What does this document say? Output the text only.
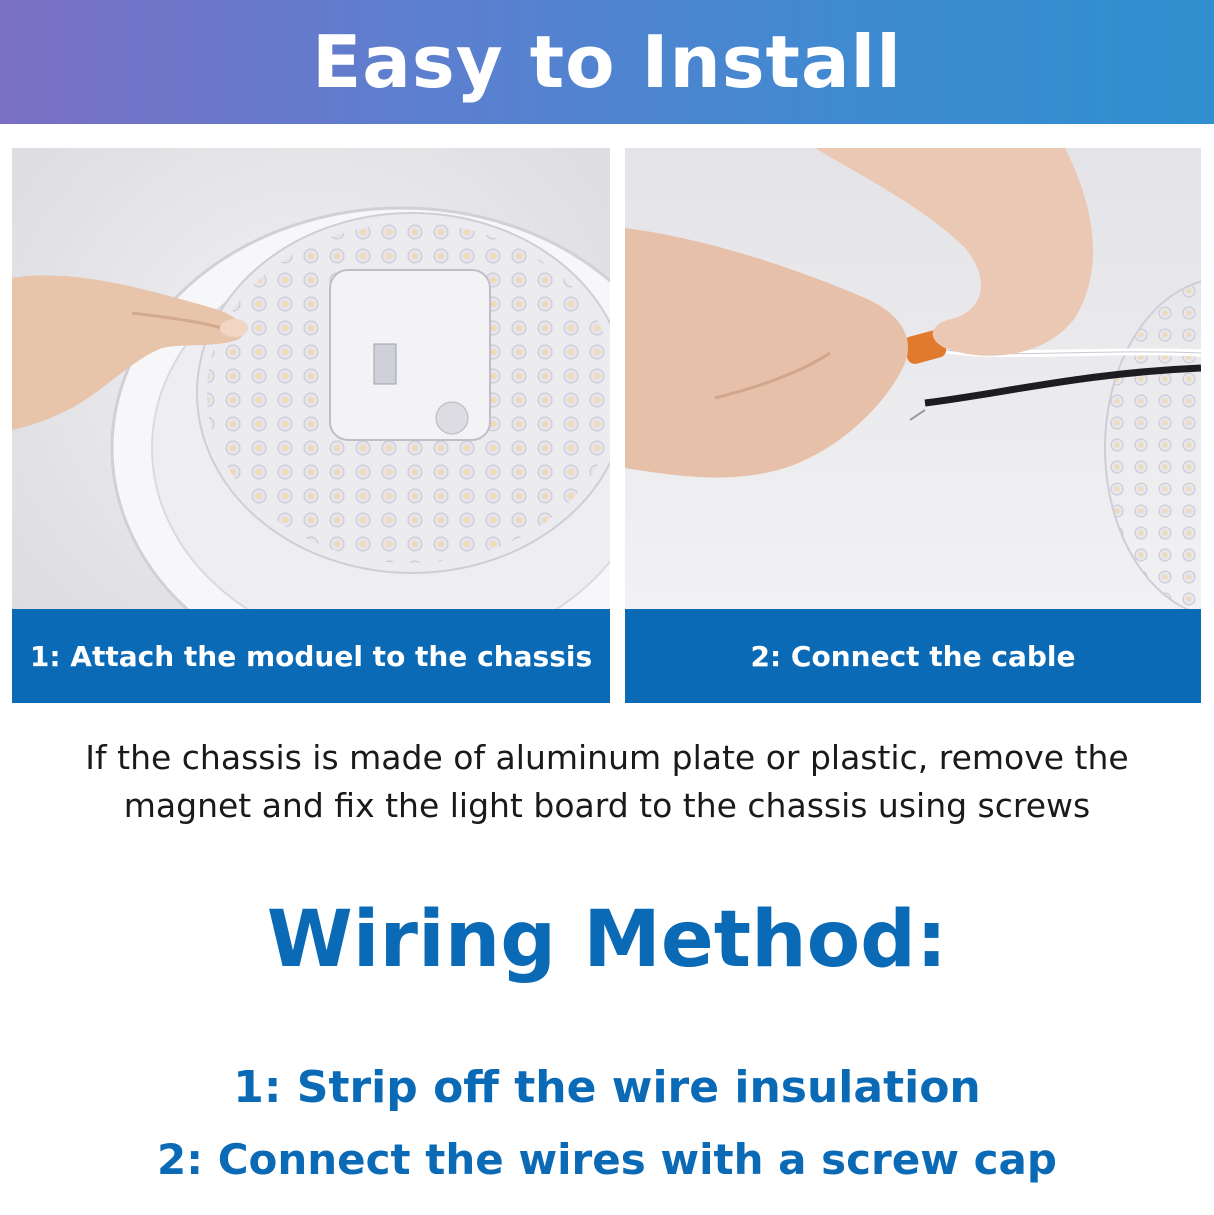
Easy to Install
1: Attach the moduel to the chassis	2: Connect the cable
If the chassis is made of aluminum plate or plastic, remove the
magnet and fix the light board to the chassis using screws
Wiring Method:
1: Strip off the wire insulation
2: Connect the wires with a screw cap
